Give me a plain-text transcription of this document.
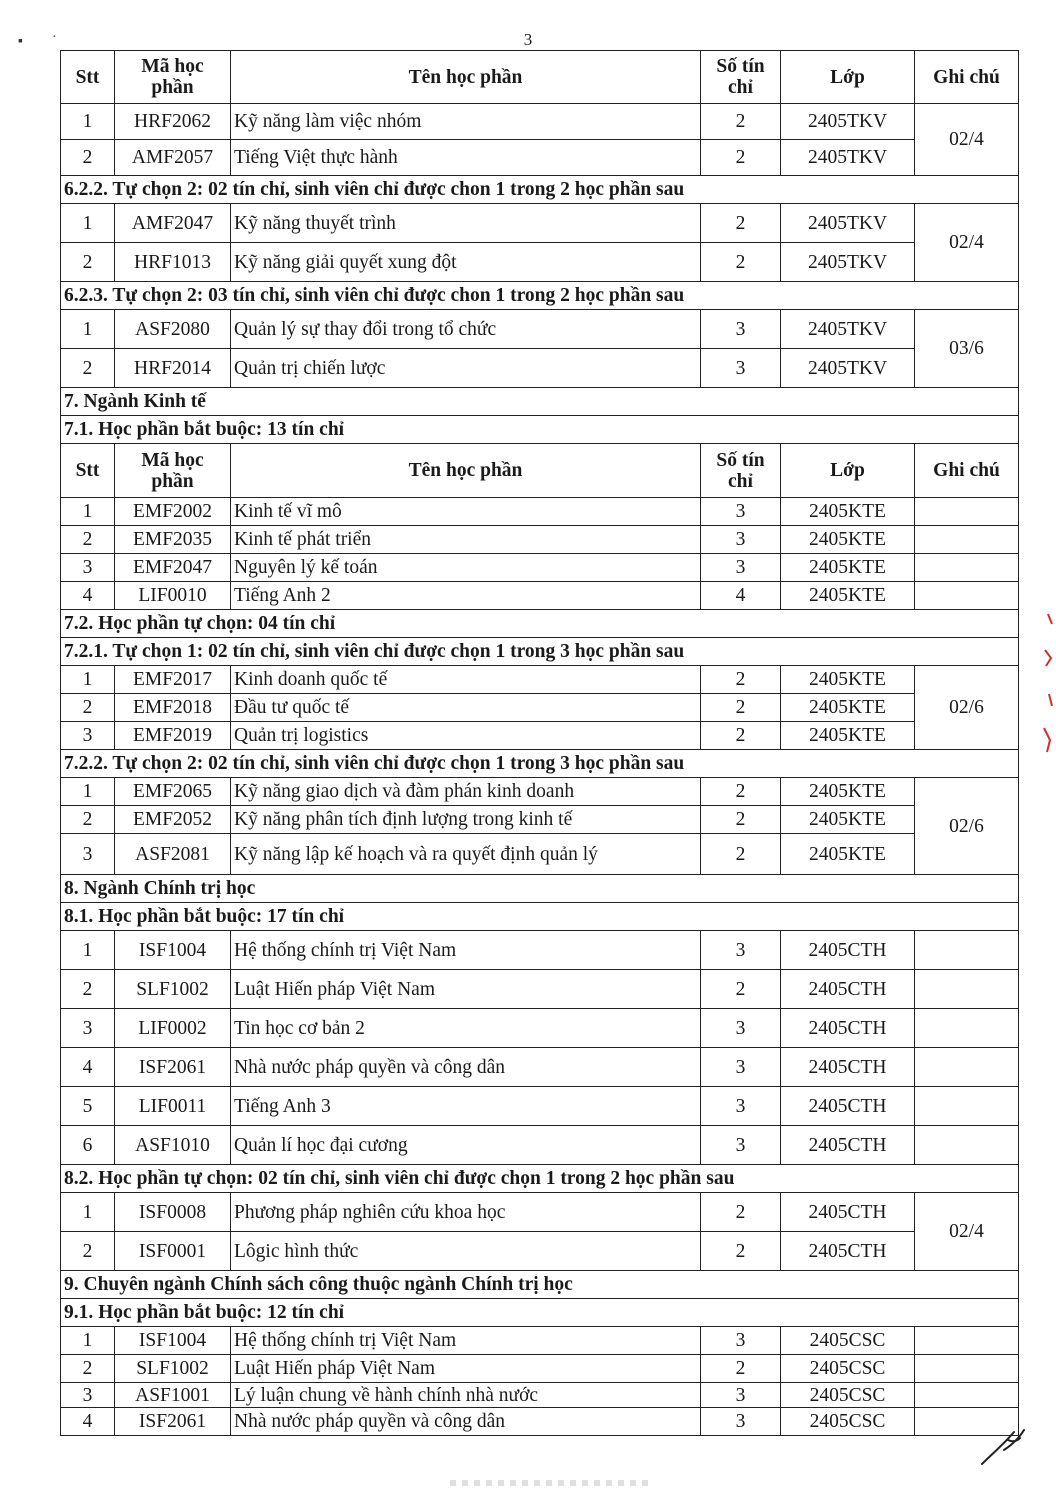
3
▪ ·
Stt	Mã học phần	Tên học phần	Số tín chỉ	Lớp	Ghi chú
1	HRF2062	Kỹ năng làm việc nhóm	2	2405TKV	02/4
2	AMF2057	Tiếng Việt thực hành	2	2405TKV	
6.2.2. Tự chọn 2: 02 tín chỉ, sinh viên chỉ được chon 1 trong 2 học phần sau					
1	AMF2047	Kỹ năng thuyết trình	2	2405TKV	02/4
2	HRF1013	Kỹ năng giải quyết xung đột	2	2405TKV	
6.2.3. Tự chọn 2: 03 tín chỉ, sinh viên chỉ được chon 1 trong 2 học phần sau					
1	ASF2080	Quản lý sự thay đổi trong tổ chức	3	2405TKV	03/6
2	HRF2014	Quản trị chiến lược	3	2405TKV	
7. Ngành Kinh tế					
7.1. Học phần bắt buộc: 13 tín chỉ					
Stt	Mã học phần	Tên học phần	Số tín chỉ	Lớp	Ghi chú
1	EMF2002	Kinh tế vĩ mô	3	2405KTE	
2	EMF2035	Kinh tế phát triển	3	2405KTE	
3	EMF2047	Nguyên lý kế toán	3	2405KTE	
4	LIF0010	Tiếng Anh 2	4	2405KTE	
7.2. Học phần tự chọn: 04 tín chỉ					
7.2.1. Tự chọn 1: 02 tín chỉ, sinh viên chỉ được chọn 1 trong 3 học phần sau					
1	EMF2017	Kinh doanh quốc tế	2	2405KTE	02/6
2	EMF2018	Đầu tư quốc tế	2	2405KTE	
3	EMF2019	Quản trị logistics	2	2405KTE	
7.2.2. Tự chọn 2: 02 tín chỉ, sinh viên chỉ được chọn 1 trong 3 học phần sau					
1	EMF2065	Kỹ năng giao dịch và đàm phán kinh doanh	2	2405KTE	02/6
2	EMF2052	Kỹ năng phân tích định lượng trong kinh tế	2	2405KTE	
3	ASF2081	Kỹ năng lập kế hoạch và ra quyết định quản lý	2	2405KTE	
8. Ngành Chính trị học					
8.1. Học phần bắt buộc: 17 tín chỉ					
1	ISF1004	Hệ thống chính trị Việt Nam	3	2405CTH	
2	SLF1002	Luật Hiến pháp Việt Nam	2	2405CTH	
3	LIF0002	Tin học cơ bản 2	3	2405CTH	
4	ISF2061	Nhà nước pháp quyền và công dân	3	2405CTH	
5	LIF0011	Tiếng Anh 3	3	2405CTH	
6	ASF1010	Quản lí học đại cương	3	2405CTH	
8.2. Học phần tự chọn: 02 tín chỉ, sinh viên chỉ được chọn 1 trong 2 học phần sau					
1	ISF0008	Phương pháp nghiên cứu khoa học	2	2405CTH	02/4
2	ISF0001	Lôgic hình thức	2	2405CTH	
9. Chuyên ngành Chính sách công thuộc ngành Chính trị học					
9.1. Học phần bắt buộc: 12 tín chỉ					
1	ISF1004	Hệ thống chính trị Việt Nam	3	2405CSC	
2	SLF1002	Luật Hiến pháp Việt Nam	2	2405CSC	
3	ASF1001	Lý luận chung về hành chính nhà nước	3	2405CSC	
4	ISF2061	Nhà nước pháp quyền và công dân	3	2405CSC	
